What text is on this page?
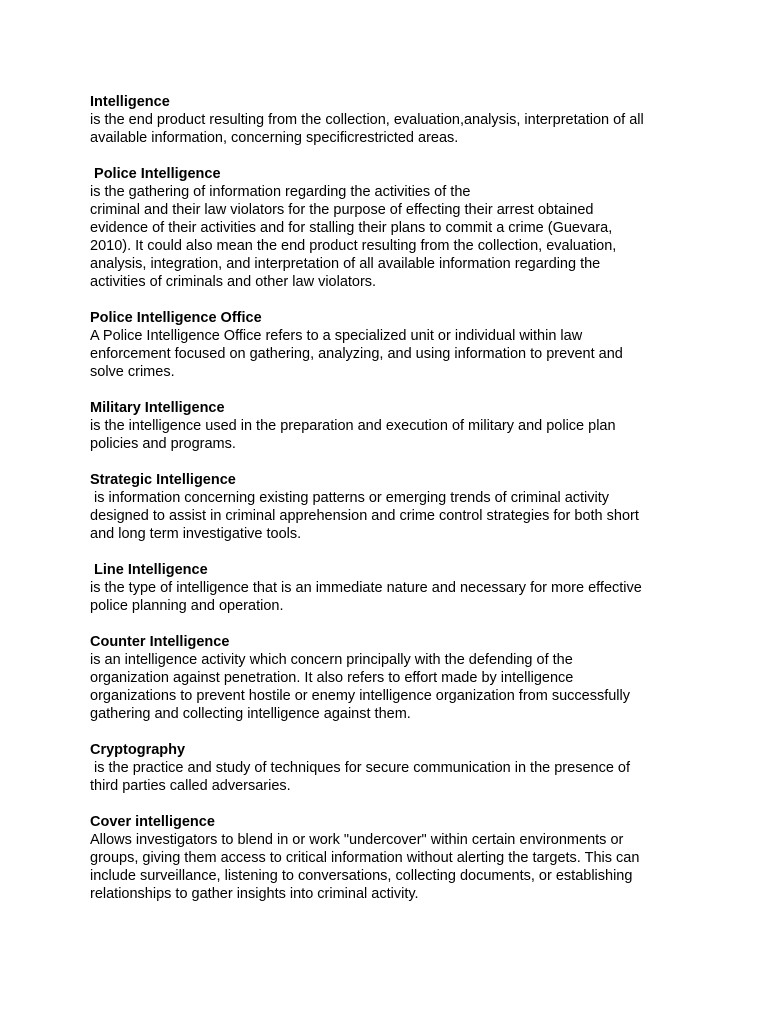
Intelligence
is the end product resulting from the collection, evaluation,analysis, interpretation of all
available information, concerning specificrestricted areas.
Police Intelligence
is the gathering of information regarding the activities of the
criminal and their law violators for the purpose of effecting their arrest obtained
evidence of their activities and for stalling their plans to commit a crime (Guevara,
2010). It could also mean the end product resulting from the collection, evaluation,
analysis, integration, and interpretation of all available information regarding the
activities of criminals and other law violators.
Police Intelligence Office
A Police Intelligence Office refers to a specialized unit or individual within law
enforcement focused on gathering, analyzing, and using information to prevent and
solve crimes.
Military Intelligence
is the intelligence used in the preparation and execution of military and police plan
policies and programs.
Strategic Intelligence
is information concerning existing patterns or emerging trends of criminal activity
designed to assist in criminal apprehension and crime control strategies for both short
and long term investigative tools.
Line Intelligence
is the type of intelligence that is an immediate nature and necessary for more effective
police planning and operation.
Counter Intelligence
is an intelligence activity which concern principally with the defending of the
organization against penetration. It also refers to effort made by intelligence
organizations to prevent hostile or enemy intelligence organization from successfully
gathering and collecting intelligence against them.
Cryptography
is the practice and study of techniques for secure communication in the presence of
third parties called adversaries.
Cover intelligence
Allows investigators to blend in or work "undercover" within certain environments or
groups, giving them access to critical information without alerting the targets. This can
include surveillance, listening to conversations, collecting documents, or establishing
relationships to gather insights into criminal activity.
